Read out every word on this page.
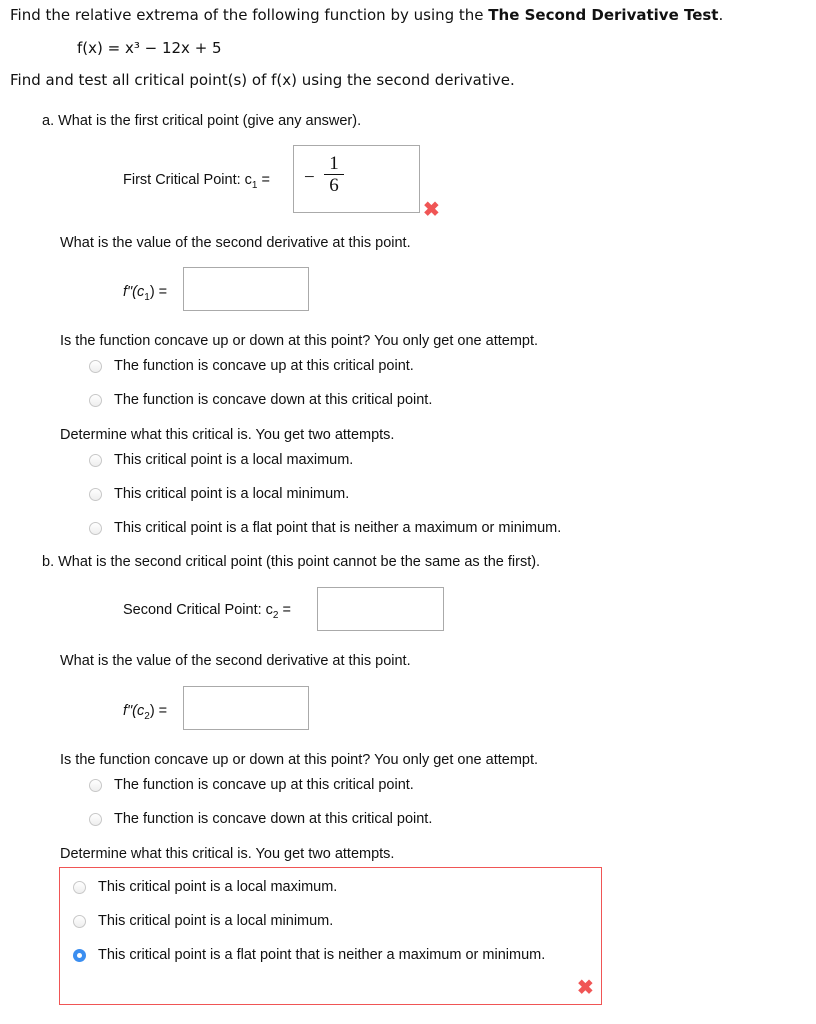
Find the relative extrema of the following function by using the The Second Derivative Test.
f(x) = x³ − 12x + 5
Find and test all critical point(s) of f(x) using the second derivative.
a. What is the first critical point (give any answer).
First Critical Point: $c_1$ = − $\frac{1}{6}$
✖
What is the value of the second derivative at this point.
$f"(c_1)$ =
Is the function concave up or down at this point? You only get one attempt.
The function is concave up at this critical point.
The function is concave down at this critical point.
Determine what this critical is. You get two attempts.
This critical point is a local maximum.
This critical point is a local minimum.
This critical point is a flat point that is neither a maximum or minimum.
b. What is the second critical point (this point cannot be the same as the first).
Second Critical Point: $c_2$ =
What is the value of the second derivative at this point.
$f"(c_2)$ =
Is the function concave up or down at this point? You only get one attempt.
The function is concave up at this critical point.
The function is concave down at this critical point.
Determine what this critical is. You get two attempts.
This critical point is a local maximum.
This critical point is a local minimum.
This critical point is a flat point that is neither a maximum or minimum.
✖
